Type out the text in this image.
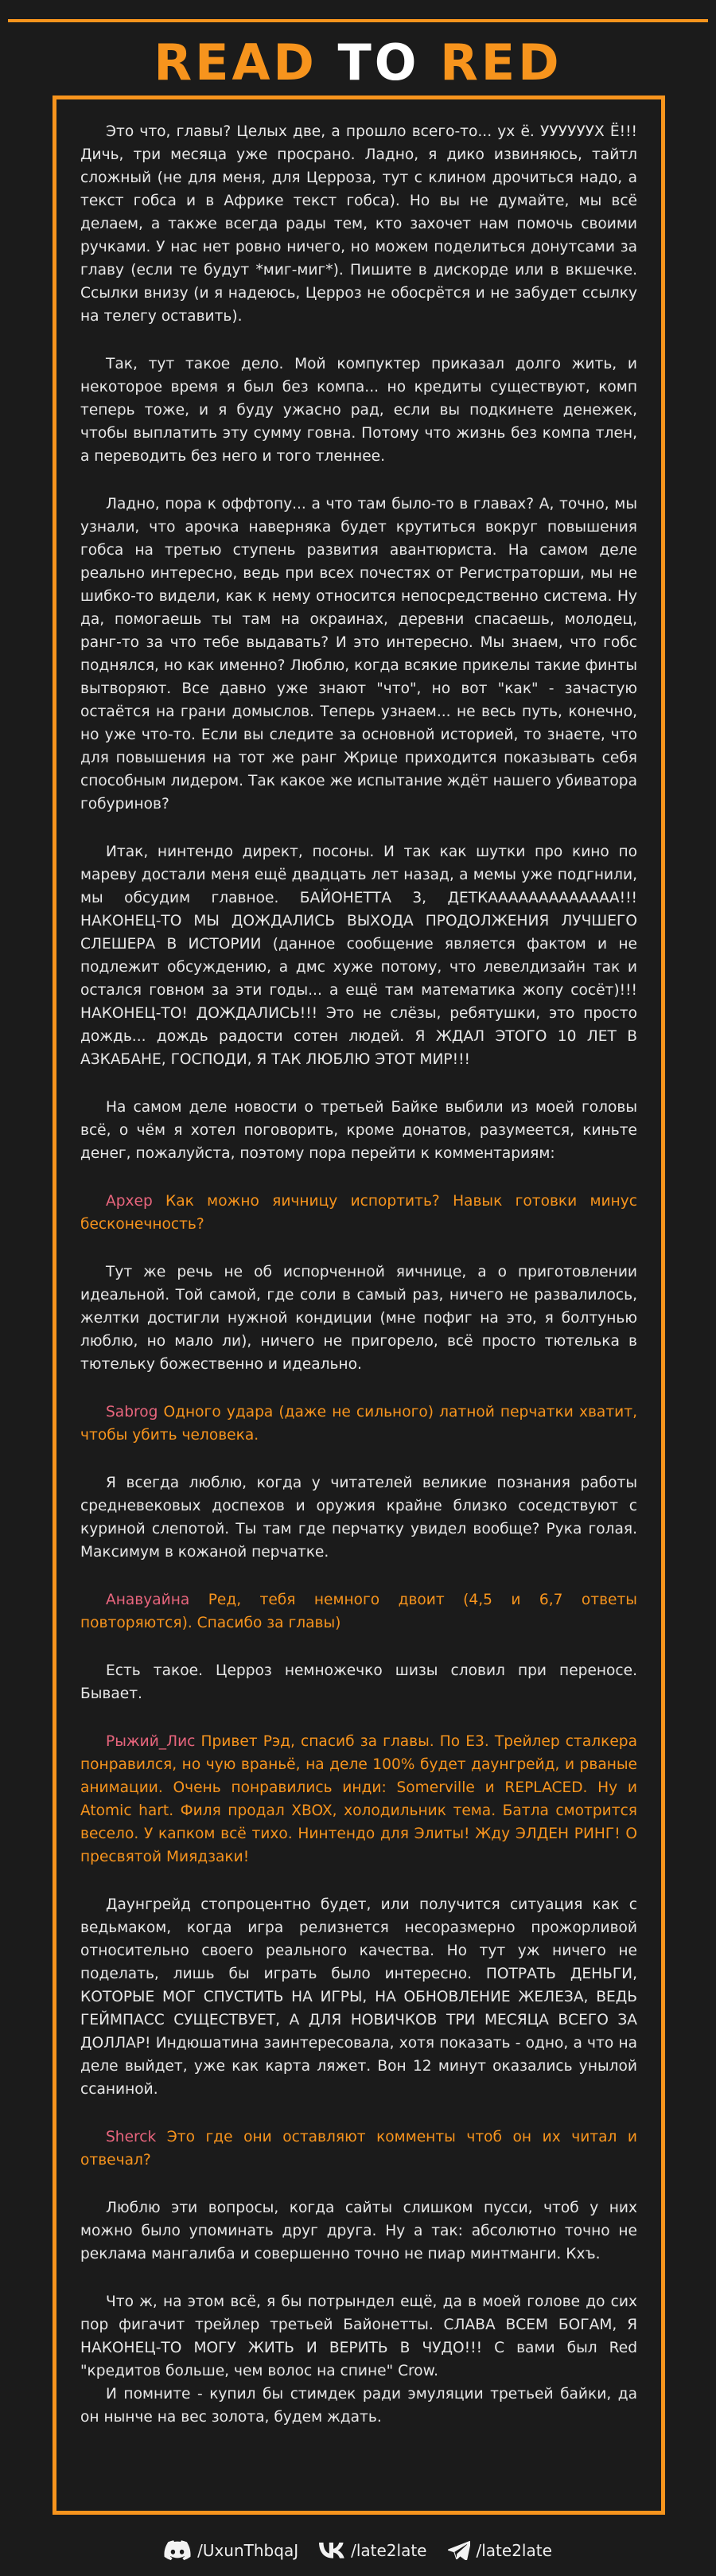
READ TO RED

Это что, главы? Целых две, а прошло всего-то... ух ё. УУУУУУХ Ё!!! Дичь, три месяца уже просрано. Ладно, я дико извиняюсь, тайтл сложный (не для меня, для Церроза, тут с клином дрочиться надо, а текст гобса и в Африке текст гобса). Но вы не думайте, мы всё делаем, а также всегда рады тем, кто захочет нам помочь своими ручками. У нас нет ровно ничего, но можем поделиться донутсами за главу (если те будут *миг-миг*). Пишите в дискорде или в вкшечке. Ссылки внизу (и я надеюсь, Церроз не обосрётся и не забудет ссылку на телегу оставить).

Так, тут такое дело. Мой компуктер приказал долго жить, и некоторое время я был без компа... но кредиты существуют, комп теперь тоже, и я буду ужасно рад, если вы подкинете денежек, чтобы выплатить эту сумму говна. Потому что жизнь без компа тлен, а переводить без него и того тленнее.

Ладно, пора к оффтопу... а что там было-то в главах? А, точно, мы узнали, что арочка наверняка будет крутиться вокруг повышения гобса на третью ступень развития авантюриста. На самом деле реально интересно, ведь при всех почестях от Регистраторши, мы не шибко-то видели, как к нему относится непосредственно система. Ну да, помогаешь ты там на окраинах, деревни спасаешь, молодец, ранг-то за что тебе выдавать? И это интересно. Мы знаем, что гобс поднялся, но как именно? Люблю, когда всякие прикелы такие финты вытворяют. Все давно уже знают "что", но вот "как" - зачастую остаётся на грани домыслов. Теперь узнаем... не весь путь, конечно, но уже что-то. Если вы следите за основной историей, то знаете, что для повышения на тот же ранг Жрице приходится показывать себя способным лидером. Так какое же испытание ждёт нашего убиватора гобуринов?

Итак, нинтендо директ, посоны. И так как шутки про кино по мареву достали меня ещё двадцать лет назад, а мемы уже подгнили, мы обсудим главное. БАЙОНЕТТА 3, ДЕТКААААААААААААА!!! НАКОНЕЦ-ТО МЫ ДОЖДАЛИСЬ ВЫХОДА ПРОДОЛЖЕНИЯ ЛУЧШЕГО СЛЕШЕРА В ИСТОРИИ (данное сообщение является фактом и не подлежит обсуждению, а дмс хуже потому, что левелдизайн так и остался говном за эти годы... а ещё там математика жопу сосёт)!!! НАКОНЕЦ-ТО! ДОЖДАЛИСЬ!!! Это не слёзы, ребятушки, это просто дождь... дождь радости сотен людей. Я ЖДАЛ ЭТОГО 10 ЛЕТ В АЗКАБАНЕ, ГОСПОДИ, Я ТАК ЛЮБЛЮ ЭТОТ МИР!!!

На самом деле новости о третьей Байке выбили из моей головы всё, о чём я хотел поговорить, кроме донатов, разумеется, киньте денег, пожалуйста, поэтому пора перейти к комментариям:

Архер Как можно яичницу испортить? Навык готовки минус бесконечность?

Тут же речь не об испорченной яичнице, а о приготовлении идеальной. Той самой, где соли в самый раз, ничего не развалилось, желтки достигли нужной кондиции (мне пофиг на это, я болтунью люблю, но мало ли), ничего не пригорело, всё просто тютелька в тютельку божественно и идеально.

Sabrog Одного удара (даже не сильного) латной перчатки хватит, чтобы убить человека.

Я всегда люблю, когда у читателей великие познания работы средневековых доспехов и оружия крайне близко соседствуют с куриной слепотой. Ты там где перчатку увидел вообще? Рука голая. Максимум в кожаной перчатке.

Анавуайна Ред, тебя немного двоит (4,5 и 6,7 ответы повторяются). Спасибо за главы)

Есть такое. Церроз немножечко шизы словил при переносе. Бывает.

Рыжий_Лис Привет Рэд, спасиб за главы. По Е3. Трейлер сталкера понравился, но чую враньё, на деле 100% будет даунгрейд, и рваные анимации. Очень понравились инди: Somerville и REPLACED. Ну и Atomic hart. Филя продал XBOX, холодильник тема. Батла смотрится весело. У капком всё тихо. Нинтендо для Элиты! Жду ЭЛДЕН РИНГ! О пресвятой Миядзаки!

Даунгрейд стопроцентно будет, или получится ситуация как с ведьмаком, когда игра релизнется несоразмерно прожорливой относительно своего реального качества. Но тут уж ничего не поделать, лишь бы играть было интересно. ПОТРАТЬ ДЕНЬГИ, КОТОРЫЕ МОГ СПУСТИТЬ НА ИГРЫ, НА ОБНОВЛЕНИЕ ЖЕЛЕЗА, ВЕДЬ ГЕЙМПАСС СУЩЕСТВУЕТ, А ДЛЯ НОВИЧКОВ ТРИ МЕСЯЦА ВСЕГО ЗА ДОЛЛАР! Индюшатина заинтересовала, хотя показать - одно, а что на деле выйдет, уже как карта ляжет. Вон 12 минут оказались унылой ссаниной.

Sherck Это где они оставляют комменты чтоб он их читал и отвечал?

Люблю эти вопросы, когда сайты слишком пусси, чтоб у них можно было упоминать друг друга. Ну а так: абсолютно точно не реклама мангалиба и совершенно точно не пиар минтманги. Кхъ.

Что ж, на этом всё, я бы потрындел ещё, да в моей голове до сих пор фигачит трейлер третьей Байонетты. СЛАВА ВСЕМ БОГАМ, Я НАКОНЕЦ-ТО МОГУ ЖИТЬ И ВЕРИТЬ В ЧУДО!!! С вами был Red "кредитов больше, чем волос на спине" Crow.

И помните - купил бы стимдек ради эмуляции третьей байки, да он нынче на вес золота, будем ждать.

/UxunThbqaJ	/late2late	/late2late
